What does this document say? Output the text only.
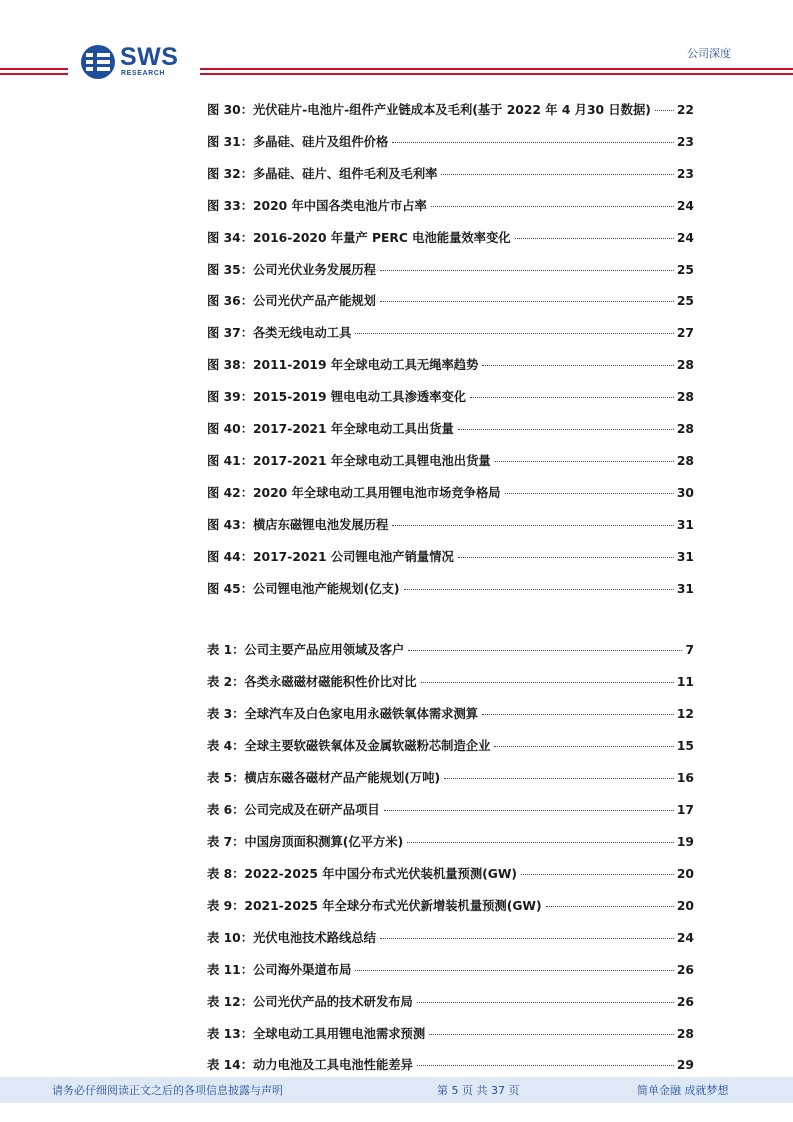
SWS
RESEARCH
公司深度
图 30：光伏硅片-电池片-组件产业链成本及毛利(基于 2022 年 4 月30 日数据) 22
图 31：多晶硅、硅片及组件价格	23
图 32：多晶硅、硅片、组件毛利及毛利率	23
图 33：2020 年中国各类电池片市占率	24
图 34：2016-2020 年量产 PERC 电池能量效率变化	24
图 35：公司光伏业务发展历程	25
图 36：公司光伏产品产能规划	25
图 37：各类无线电动工具	27
图 38：2011-2019 年全球电动工具无绳率趋势	28
图 39：2015-2019 锂电电动工具渗透率变化	28
图 40：2017-2021 年全球电动工具出货量	28
图 41：2017-2021 年全球电动工具锂电池出货量	28
图 42：2020 年全球电动工具用锂电池市场竞争格局	30
图 43：横店东磁锂电池发展历程	31
图 44：2017-2021 公司锂电池产销量情况	31
图 45：公司锂电池产能规划(亿支)	31
表 1：公司主要产品应用领域及客户	7
表 2：各类永磁磁材磁能积性价比对比	11
表 3：全球汽车及白色家电用永磁铁氧体需求测算	12
表 4：全球主要软磁铁氧体及金属软磁粉芯制造企业	15
表 5：横店东磁各磁材产品产能规划(万吨)	16
表 6：公司完成及在研产品项目	17
表 7：中国房顶面积测算(亿平方米)	19
表 8：2022-2025 年中国分布式光伏装机量预测(GW)	20
表 9：2021-2025 年全球分布式光伏新增装机量预测(GW)	20
表 10：光伏电池技术路线总结	24
表 11：公司海外渠道布局	26
表 12：公司光伏产品的技术研发布局	26
表 13：全球电动工具用锂电池需求预测	28
表 14：动力电池及工具电池性能差异	29
请务必仔细阅读正文之后的各项信息披露与声明	第 5 页 共 37 页	简单金融 成就梦想
